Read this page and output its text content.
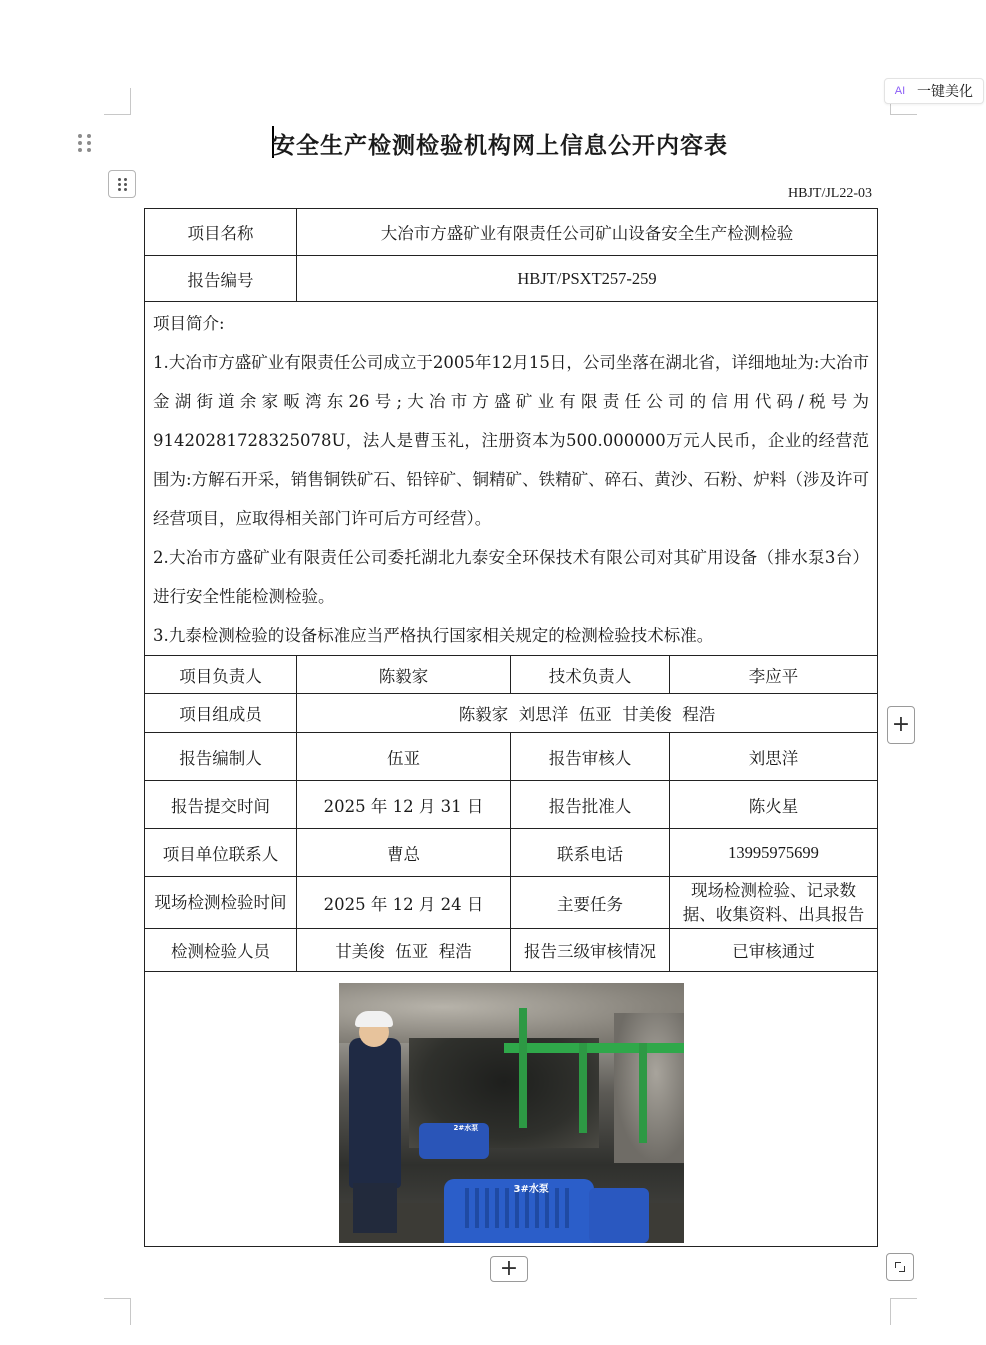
AI 一键美化
安全生产检测检验机构网上信息公开内容表
HBJT/JL22-03
项目名称	大冶市方盛矿业有限责任公司矿山设备安全生产检测检验		
报告编号	HBJT/PSXT257-259		

项目简介:

1.大冶市方盛矿业有限责任公司成立于2005年12月15日，公司坐落在湖北省，详细地址为:大冶市金湖街道余家畈湾东26号;大冶市方盛矿业有限责任公司的信用代码/税号为91420281728325078U，法人是曹玉礼，注册资本为500.000000万元人民币，企业的经营范围为:方解石开采，销售铜铁矿石、铅锌矿、铜精矿、铁精矿、碎石、黄沙、石粉、炉料（涉及许可经营项目，应取得相关部门许可后方可经营）。

2.大冶市方盛矿业有限责任公司委托湖北九泰安全环保技术有限公司对其矿用设备（排水泵3台）进行安全性能检测检验。

3.九泰检测检验的设备标准应当严格执行国家相关规定的检测检验技术标准。			

项目负责人	陈毅家	技术负责人	李应平
项目组成员	陈毅家  刘思洋  伍亚  甘美俊  程浩		
报告编制人	伍亚	报告审核人	刘思洋
报告提交时间	2025 年 12 月 31 日	报告批准人	陈火星
项目单位联系人	曹总	联系电话	13995975699
现场检测检验时间	2025 年 12 月 24 日	主要任务	现场检测检验、记录数据、收集资料、出具报告
检测检验人员	甘美俊  伍亚  程浩	报告三级审核情况	已审核通过

2#水泵
3#水泵			
+
+
